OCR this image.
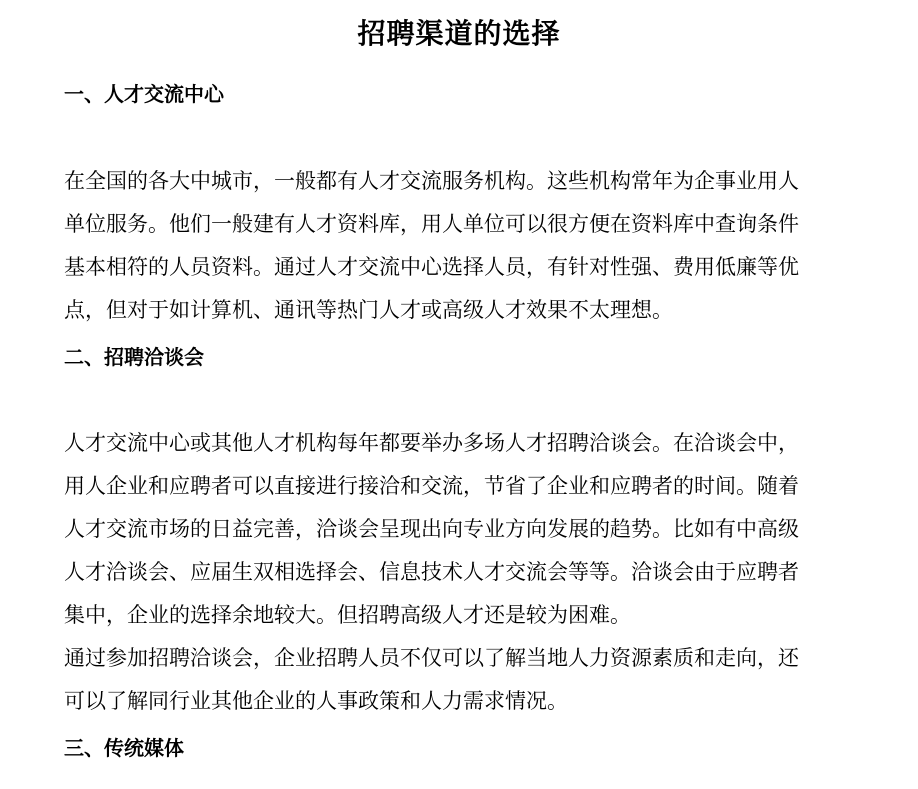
招聘渠道的选择
一、人才交流中心

在全国的各大中城市，一般都有人才交流服务机构。这些机构常年为企事业用人

单位服务。他们一般建有人才资料库，用人单位可以很方便在资料库中查询条件

基本相符的人员资料。通过人才交流中心选择人员，有针对性强、费用低廉等优

点，但对于如计算机、通讯等热门人才或高级人才效果不太理想。

二、招聘洽谈会

人才交流中心或其他人才机构每年都要举办多场人才招聘洽谈会。在洽谈会中，

用人企业和应聘者可以直接进行接洽和交流，节省了企业和应聘者的时间。随着

人才交流市场的日益完善，洽谈会呈现出向专业方向发展的趋势。比如有中高级

人才洽谈会、应届生双相选择会、信息技术人才交流会等等。洽谈会由于应聘者

集中，企业的选择余地较大。但招聘高级人才还是较为困难。

通过参加招聘洽谈会，企业招聘人员不仅可以了解当地人力资源素质和走向，还

可以了解同行业其他企业的人事政策和人力需求情况。

三、传统媒体
